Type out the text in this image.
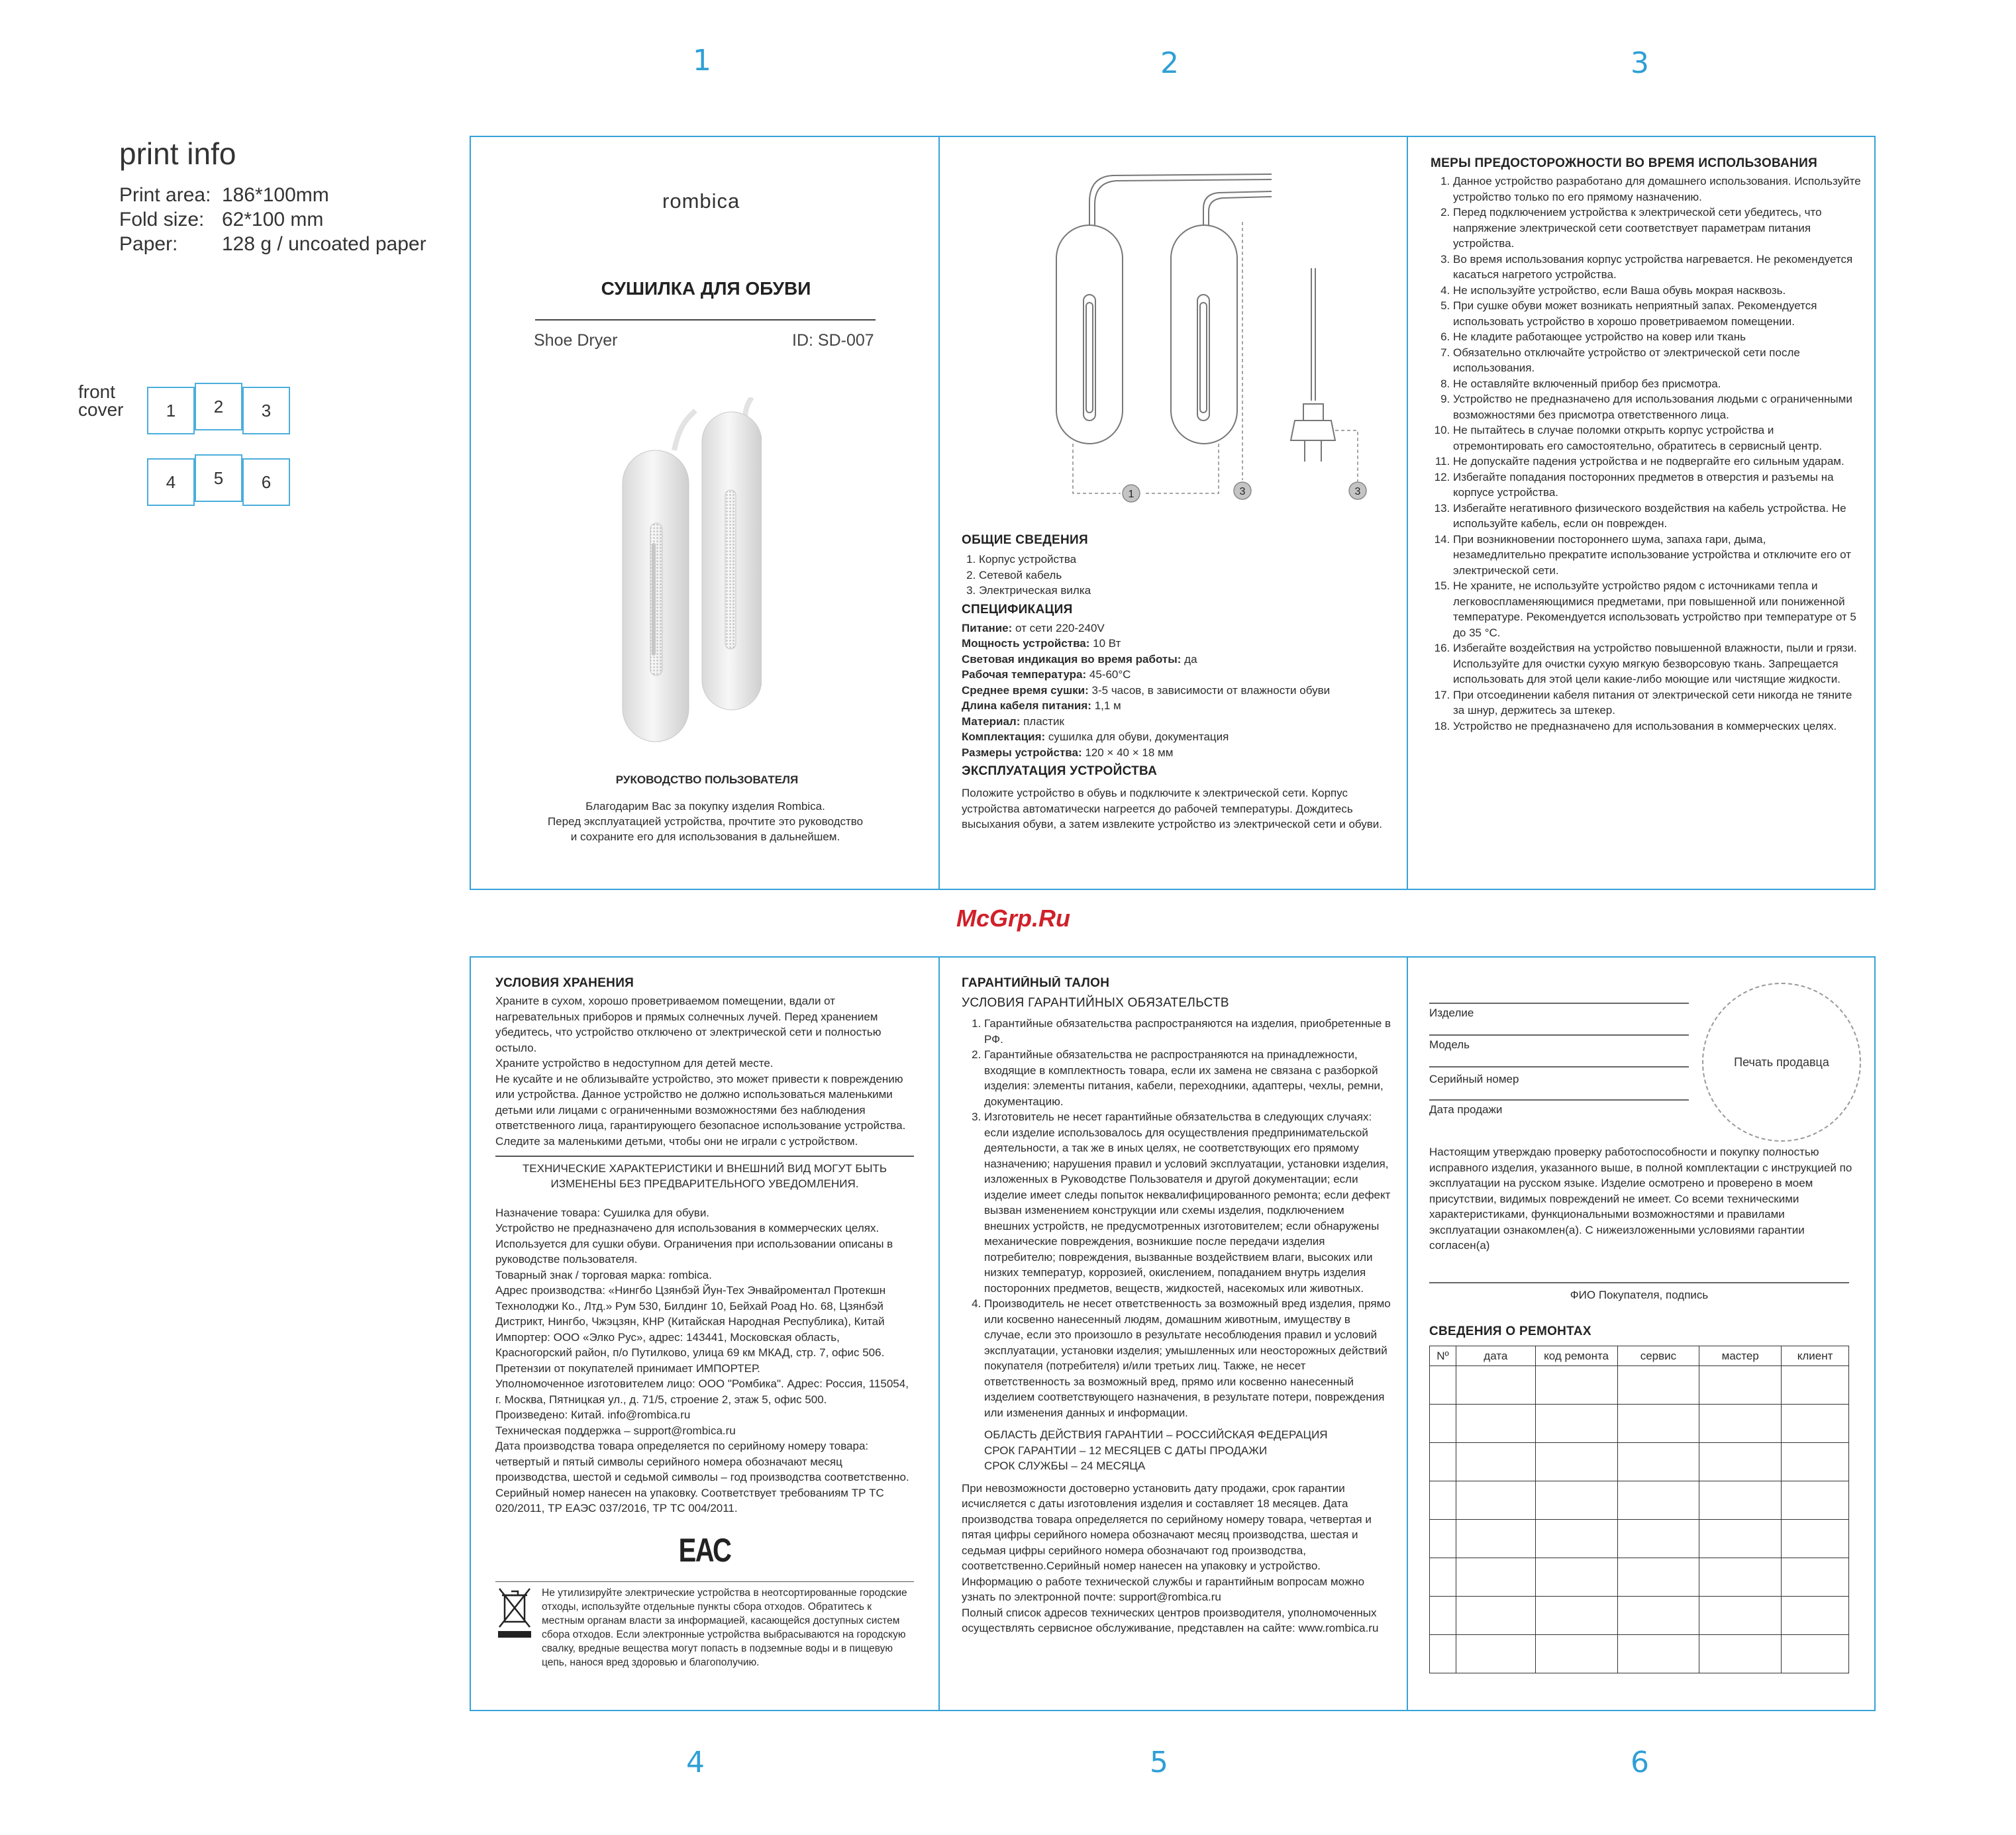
1	2	3
4	5	6
print info
Print area: 186*100mm
Fold size: 62*100 mm
Paper:	128 g / uncoated paper
front
cover	1	2	3
4	5	6
McGrp.Ru
rombica
СУШИЛКА ДЛЯ ОБУВИ
Shoe Dryer	ID: SD-007
РУКОВОДСТВО ПОЛЬЗОВАТЕЛЯ
Благодарим Вас за покупку изделия Rombica.
Перед эксплуатацией устройства, прочтите это руководство
и сохраните его для использования в дальнейшем.
1	3	3
ОБЩИЕ СВЕДЕНИЯ
1. Корпус устройства
2. Сетевой кабель
3. Электрическая вилка
СПЕЦИФИКАЦИЯ
Питание: от сети 220-240V
Мощность устройства: 10 Вт
Световая индикация во время работы: да
Рабочая температура: 45-60°C
Среднее время сушки: 3-5 часов, в зависимости от влажности обуви
Длина кабеля питания: 1,1 м
Материал: пластик
Комплектация: сушилка для обуви, документация
Размеры устройства: 120 × 40 × 18 мм
ЭКСПЛУАТАЦИЯ УСТРОЙСТВА
Положите устройство в обувь и подключите к электрической сети. Корпус устройства автоматически нагреется до рабочей температуры. Дождитесь высыхания обуви, а затем извлеките устройство из электрической сети и обуви.
МЕРЫ ПРЕДОСТОРОЖНОСТИ ВО ВРЕМЯ ИСПОЛЬЗОВАНИЯ
1. Данное устройство разработано для домашнего использования. Используйте устройство только по его прямому назначению.
2. Перед подключением устройства к электрической сети убедитесь, что напряжение электрической сети соответствует параметрам питания устройства.
3. Во время использования корпус устройства нагревается. Не рекомендуется касаться нагретого устройства.
4. Не используйте устройство, если Ваша обувь мокрая насквозь.
5. При сушке обуви может возникать неприятный запах. Рекомендуется использовать устройство в хорошо проветриваемом помещении.
6. Не кладите работающее устройство на ковер или ткань
7. Обязательно отключайте устройство от электрической сети после использования.
8. Не оставляйте включенный прибор без присмотра.
9. Устройство не предназначено для использования людьми с ограниченными возможностями без присмотра ответственного лица.
10. Не пытайтесь в случае поломки открыть корпус устройства и отремонтировать его самостоятельно, обратитесь в сервисный центр.
11. Не допускайте падения устройства и не подвергайте его сильным ударам.
12. Избегайте попадания посторонних предметов в отверстия и разъемы на корпусе устройства.
13. Избегайте негативного физического воздействия на кабель устройства. Не используйте кабель, если он поврежден.
14. При возникновении постороннего шума, запаха гари, дыма, незамедлительно прекратите использование устройства и отключите его от электрической сети.
15. Не храните, не используйте устройство рядом с источниками тепла и легковоспламеняющимися предметами, при повышенной или пониженной температуре. Рекомендуется использовать устройство при температуре от 5 до 35 °C.
16. Избегайте воздействия на устройство повышенной влажности, пыли и грязи. Используйте для очистки сухую мягкую безворсовую ткань. Запрещается использовать для этой цели какие-либо моющие или чистящие жидкости.
17. При отсоединении кабеля питания от электрической сети никогда не тяните за шнур, держитесь за штекер.
18. Устройство не предназначено для использования в коммерческих целях.
УСЛОВИЯ ХРАНЕНИЯ
Храните в сухом, хорошо проветриваемом помещении, вдали от нагревательных приборов и прямых солнечных лучей. Перед хранением убедитесь, что устройство отключено от электрической сети и полностью остыло.
Храните устройство в недоступном для детей месте.
Не кусайте и не облизывайте устройство, это может привести к повреждению или устройства. Данное устройство не должно использоваться маленькими детьми или лицами с ограниченными возможностями без наблюдения ответственного лица, гарантирующего безопасное использование устройства. Следите за маленькими детьми, чтобы они не играли с устройством.
ТЕХНИЧЕСКИЕ ХАРАКТЕРИСТИКИ И ВНЕШНИЙ ВИД МОГУТ БЫТЬ ИЗМЕНЕНЫ БЕЗ ПРЕДВАРИТЕЛЬНОГО УВЕДОМЛЕНИЯ.
Назначение товара: Сушилка для обуви.
Устройство не предназначено для использования в коммерческих целях.
Используется для сушки обуви. Ограничения при использовании описаны в руководстве пользователя.
Товарный знак / торговая марка: rombica.
Адрес производства: «Нингбо Цзянбэй Йун-Тех Энвайроментал Протекшн Технолоджи Ко., Лтд.» Рум 530, Билдинг 10, Бейхай Роад Но. 68, Цзянбэй Дистрикт, Нингбо, Чжэцзян, КНР (Китайская Народная Республика), Китай
Импортер: ООО «Элко Рус», адрес: 143441, Московская область, Красногорский район, п/о Путилково, улица 69 км МКАД, стр. 7, офис 506.
Претензии от покупателей принимает ИМПОРТЕР.
Уполномоченное изготовителем лицо: ООО "Ромбика". Адрес: Россия, 115054, г. Москва, Пятницкая ул., д. 71/5, строение 2, этаж 5, офис 500.
Произведено: Китай. info@rombica.ru
Техническая поддержка – support@rombica.ru
Дата производства товара определяется по серийному номеру товара: четвертый и пятый символы серийного номера обозначают месяц производства, шестой и седьмой символы – год производства соответственно.
Серийный номер нанесен на упаковку. Соответствует требованиям ТР ТС 020/2011, ТР ЕАЭС 037/2016, ТР ТС 004/2011.
ЕАС
Не утилизируйте электрические устройства в неотсортированные городские отходы, используйте отдельные пункты сбора отходов. Обратитесь к местным органам власти за информацией, касающейся доступных систем сбора отходов. Если электронные устройства выбрасываются на городскую свалку, вредные вещества могут попасть в подземные воды и в пищевую цепь, нанося вред здоровью и благополучию.
ГАРАНТИЙНЫЙ ТАЛОН
УСЛОВИЯ ГАРАНТИЙНЫХ ОБЯЗАТЕЛЬСТВ
1. Гарантийные обязательства распространяются на изделия, приобретенные в РФ.
2. Гарантийные обязательства не распространяются на принадлежности, входящие в комплектность товара, если их замена не связана с разборкой изделия: элементы питания, кабели, переходники, адаптеры, чехлы, ремни, документацию.
3. Изготовитель не несет гарантийные обязательства в следующих случаях: если изделие использовалось для осуществления предпринимательской деятельности, а так же в иных целях, не соответствующих его прямому назначению; нарушения правил и условий эксплуатации, установки изделия, изложенных в Руководстве Пользователя и другой документации; если изделие имеет следы попыток неквалифицированного ремонта; если дефект вызван изменением конструкции или схемы изделия, подключением внешних устройств, не предусмотренных изготовителем; если обнаружены механические повреждения, возникшие после передачи изделия потребителю; повреждения, вызванные воздействием влаги, высоких или низких температур, коррозией, окислением, попаданием внутрь изделия посторонних предметов, веществ, жидкостей, насекомых или животных.
4. Производитель не несет ответственность за возможный вред изделия, прямо или косвенно нанесенный людям, домашним животным, имуществу в случае, если это произошло в результате несоблюдения правил и условий эксплуатации, установки изделия; умышленных или неосторожных действий покупателя (потребителя) и/или третьих лиц. Также, не несет ответственность за возможный вред, прямо или косвенно нанесенный изделием соответствующего назначения, в результате потери, повреждения или изменения данных и информации.
ОБЛАСТЬ ДЕЙСТВИЯ ГАРАНТИИ – РОССИЙСКАЯ ФЕДЕРАЦИЯ
СРОК ГАРАНТИИ – 12 МЕСЯЦЕВ С ДАТЫ ПРОДАЖИ
СРОК СЛУЖБЫ – 24 МЕСЯЦА
При невозможности достоверно установить дату продажи, срок гарантии исчисляется с даты изготовления изделия и составляет 18 месяцев. Дата производства товара определяется по серийному номеру товара, четвертая и пятая цифры серийного номера обозначают месяц производства, шестая и седьмая цифры серийного номера обозначают год производства, соответственно.Серийный номер нанесен на упаковку и устройство.
Информацию о работе технической службы и гарантийным вопросам можно узнать по электронной почте: support@rombica.ru
Полный список адресов технических центров производителя, уполномоченных осуществлять сервисное обслуживание, представлен на сайте: www.rombica.ru
Изделие
Модель
Серийный номер
Дата продажи
Печать продавца
Настоящим утверждаю проверку работоспособности и покупку полностью исправного изделия, указанного выше, в полной комплектации с инструкцией по эксплуатации на русском языке. Изделие осмотрено и проверено в моем присутствии, видимых повреждений не имеет. Со всеми техническими характеристиками, функциональными возможностями и правилами эксплуатации ознакомлен(а). С нижеизложенными условиями гарантии согласен(а)
ФИО Покупателя, подпись
СВЕДЕНИЯ О РЕМОНТАХ
Nº	дата	код ремонта	сервис	мастер	клиент
